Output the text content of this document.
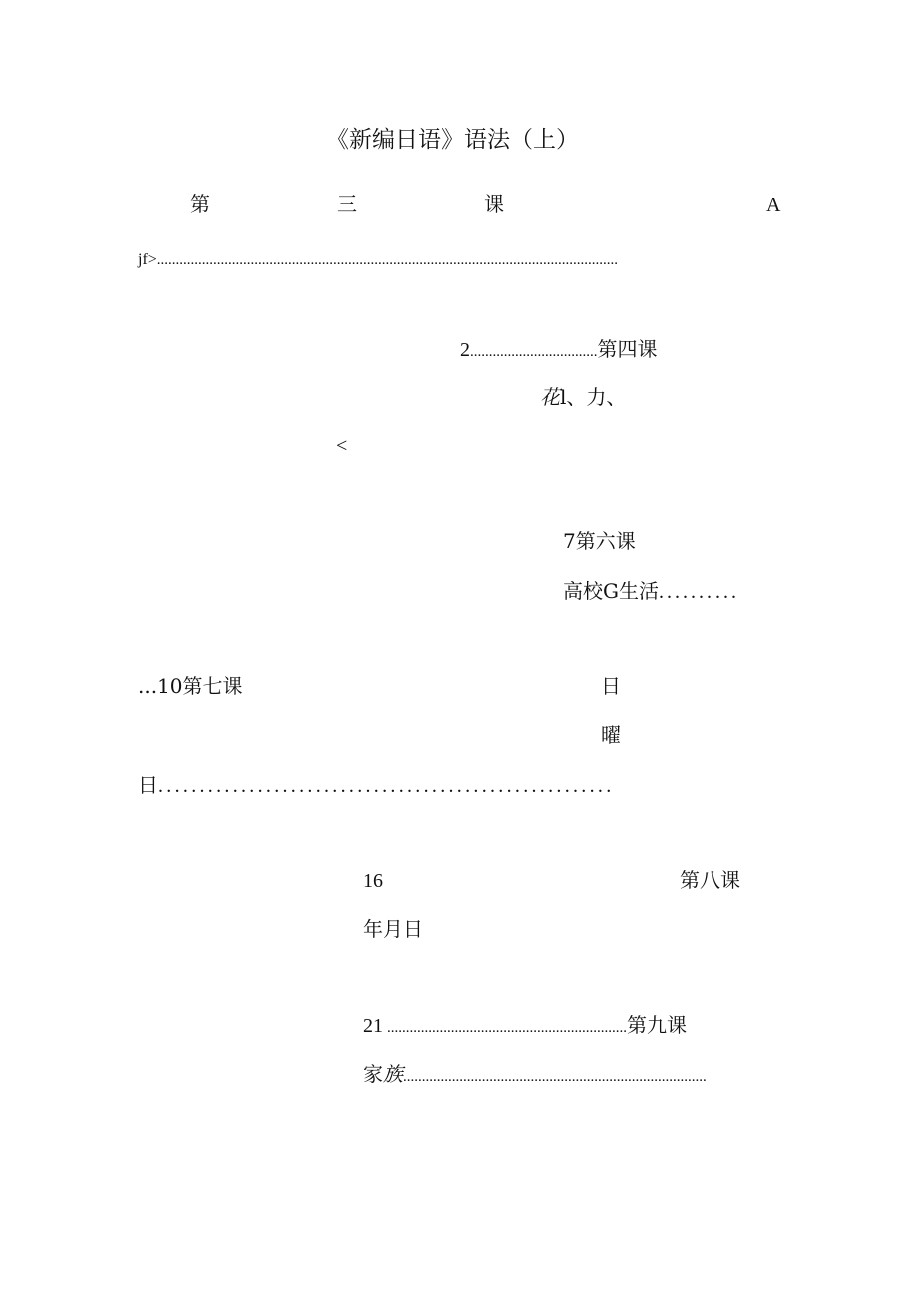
《新编日语》语法（上）
第	三	课	A
jf>...........................................................................................................................
2..................................第四课
花l、力、
<
7第六课
高校G生活..........
...10第七课	日
曜
日.......................................................
16	第八课
年月日
21 ................................................................第九课
家族.................................................................................
